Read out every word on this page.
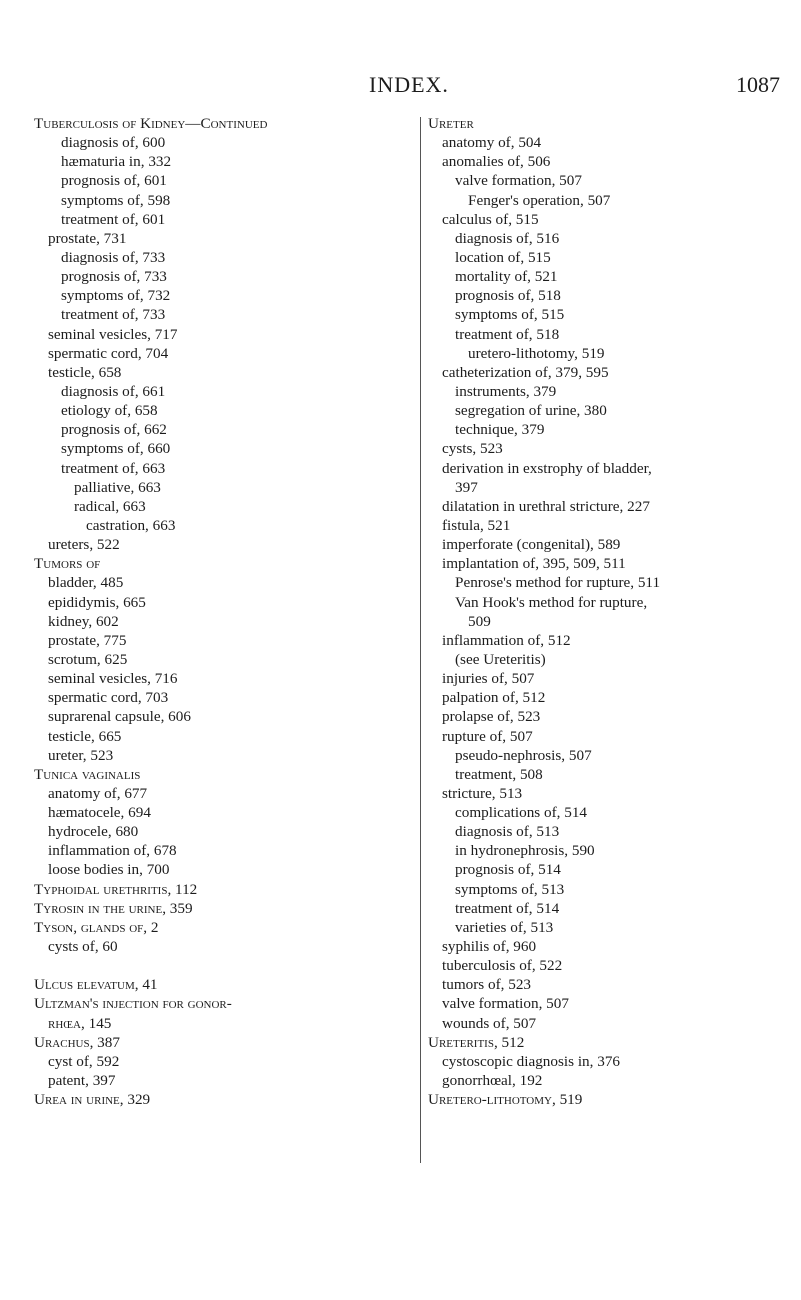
INDEX.	1087
Tuberculosis of Kidney—Continued
diagnosis of, 600
hæmaturia in, 332
prognosis of, 601
symptoms of, 598
treatment of, 601
prostate, 731
diagnosis of, 733
prognosis of, 733
symptoms of, 732
treatment of, 733
seminal vesicles, 717
spermatic cord, 704
testicle, 658
diagnosis of, 661
etiology of, 658
prognosis of, 662
symptoms of, 660
treatment of, 663
palliative, 663
radical, 663
castration, 663
ureters, 522
Tumors of
bladder, 485
epididymis, 665
kidney, 602
prostate, 775
scrotum, 625
seminal vesicles, 716
spermatic cord, 703
suprarenal capsule, 606
testicle, 665
ureter, 523
Tunica vaginalis
anatomy of, 677
hæmatocele, 694
hydrocele, 680
inflammation of, 678
loose bodies in, 700
Typhoidal urethritis, 112
Tyrosin in the urine, 359
Tyson, glands of, 2
cysts of, 60
Ulcus elevatum, 41
Ultzman's injection for gonor-
rhœa, 145
Urachus, 387
cyst of, 592
patent, 397
Urea in urine, 329
Ureter
anatomy of, 504
anomalies of, 506
valve formation, 507
Fenger's operation, 507
calculus of, 515
diagnosis of, 516
location of, 515
mortality of, 521
prognosis of, 518
symptoms of, 515
treatment of, 518
uretero-lithotomy, 519
catheterization of, 379, 595
instruments, 379
segregation of urine, 380
technique, 379
cysts, 523
derivation in exstrophy of bladder,
397
dilatation in urethral stricture, 227
fistula, 521
imperforate (congenital), 589
implantation of, 395, 509, 511
Penrose's method for rupture, 511
Van Hook's method for rupture,
509
inflammation of, 512
(see Ureteritis)
injuries of, 507
palpation of, 512
prolapse of, 523
rupture of, 507
pseudo-nephrosis, 507
treatment, 508
stricture, 513
complications of, 514
diagnosis of, 513
in hydronephrosis, 590
prognosis of, 514
symptoms of, 513
treatment of, 514
varieties of, 513
syphilis of, 960
tuberculosis of, 522
tumors of, 523
valve formation, 507
wounds of, 507
Ureteritis, 512
cystoscopic diagnosis in, 376
gonorrhœal, 192
Uretero-lithotomy, 519
